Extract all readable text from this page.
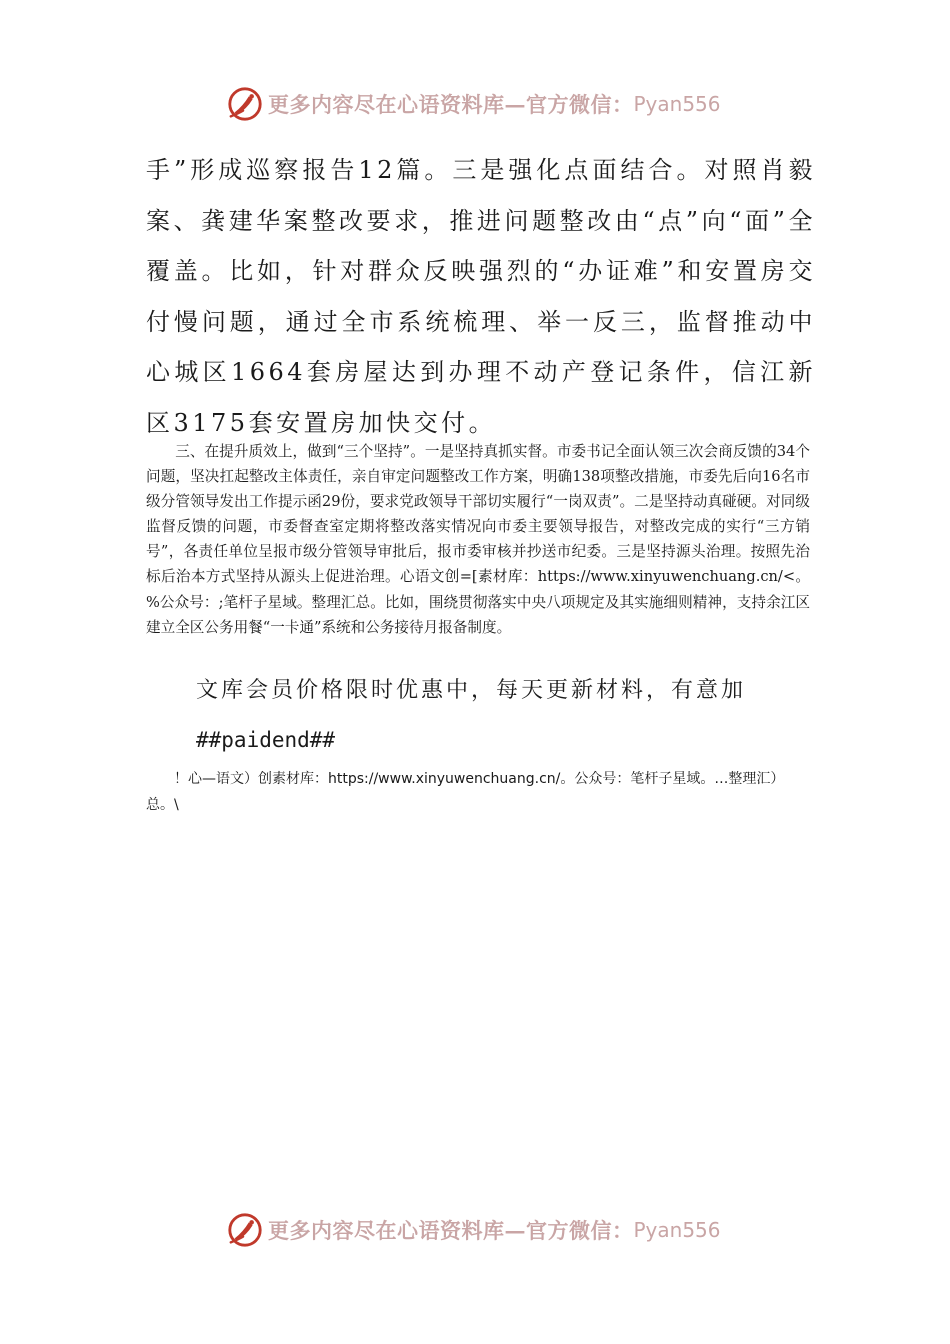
更多内容尽在心语资料库—官方微信： Pyan556
手”形成巡察报告12篇。三是强化点面结合。对照肖毅案、龚建华案整改要求，推进问题整改由“点”向“面”全覆盖。比如，针对群众反映强烈的“办证难”和安置房交付慢问题，通过全市系统梳理、举一反三，监督推动中心城区1664套房屋达到办理不动产登记条件，信江新区3175套安置房加快交付。
三、在提升质效上，做到“三个坚持”。一是坚持真抓实督。市委书记全面认领三次会商反馈的34个问题，坚决扛起整改主体责任，亲自审定问题整改工作方案，明确138项整改措施，市委先后向16名市级分管领导发出工作提示函29份，要求党政领导干部切实履行“一岗双责”。二是坚持动真碰硬。对同级监督反馈的问题，市委督查室定期将整改落实情况向市委主要领导报告，对整改完成的实行“三方销号”，各责任单位呈报市级分管领导审批后，报市委审核并抄送市纪委。三是坚持源头治理。按照先治标后治本方式坚持从源头上促进治理。心语文创=[素材库：https://www.xinyuwenchuang.cn/<。%公众号：;笔杆子星域。整理汇总。比如，围绕贯彻落实中央八项规定及其实施细则精神，支持余江区建立全区公务用餐“一卡通”系统和公务接待月报备制度。
文库会员价格限时优惠中，每天更新材料，有意加
##paidend##
！心—语文）创素材库：https://www.xinyuwenchuang.cn/。公众号：笔杆子星域。…整理汇）总。\
更多内容尽在心语资料库—官方微信： Pyan556
